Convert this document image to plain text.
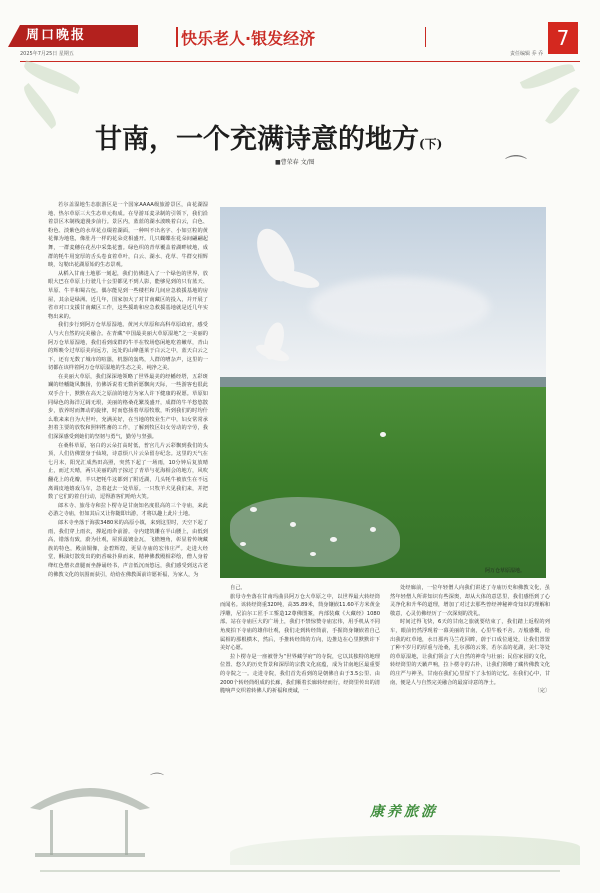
周口晚报
2025年7月25日 星期五
快乐老人·银发经济
责任编辑 乔 乔
7
⌒
⌒
甘南，一个充满诗意的地方(下)
■曹荣春 文/图

若尔盖湿地生态旅游区是一个国家AAAA级旅游景区，由花湖湿地、热尔草原三大生态单元构成。在导游耳麦录制的引领下，我们沿着景区木制栈道漫步前行。景区内，蓝蓝的湖水波映着白云，白色、粉色、淡紫色的水草花点缀着湖面，一种叫不出名字、小如豆粒的黄花像为地毯，像肚丹一样的花朵竞相盛开。几只蝴蝶在花朵间翩翩起舞，一群麦穗在花丛中采集花蜜。绿色织的青草覆盖着湖畔坡地，成群的牦牛用宽厚的舌头卷食着草叶，白云、湖水、花草、牛群交相辉映，勾勒出花湖原始的生态景观。

从稻入甘南土地那一刻起，我们仿佛进入了一个绿色的世界，放眼大巴在草原上行驶几十公里都见不到人影，能够见到的只有蓝天、草原、牛羊和蜀古包。偶尔能见到一些楼栏和几间应急救援基地的房屋，其余是绿洲。近几年，国家加大了对甘南藏区的投入，并开展了省市对口支援甘南藏区工作，这些援助和应急救援基地就是近几年实物出来的。

我们步行到阿万仓草原湿地。黄河大草原和高科草原政府，感受人与大自然的完美融合。在青藏“中国最美丽大草原湿地”之一美丽的阿万仓草原湿地，我们看到成群的牛羊在牧场悠闲地吃着嫩草，青山的辉映令过草原美向远方，远处的山峰蓬莱于白云之中，蓝天白云之下，还有无数了城市的喧嚣，机器的轰鸣，人群的嘈杂声，这里的一切都在该样着阿万仓草原湿地的生态之美、纯净之美。

在美丽大草原，我们深深地领略了世界最美的经幡经塔，五彩斑斓的经幡随风飘扬，仿佛诉说着无数祈愿飘向天际，一些游客也很此双手合十，默默在高天之原前的地方为家人许下健康的祝愿。草原如同绿色的海洋辽阔无垠，美丽的格桑花繁茂盛开，成群的牛羊悠悠散步，放养时而舞动的旋律，时而悠扬着草原牧歌，听到我们的时均什么歌来来自为大世叶，充满美好，在当地的牧业生产中，妇女常常承担着主要的放牧和照料牲畜的工作，了解到牧区妇女劳动的辛劳，我们深深感受到她们的坚韧与勇气，勤劳与坚强。

在桑科草原，宿白的云朵打高时低，普宫几片云彩飘到我们的头顶，人们仿佛置身于仙境，诗意烦八片云朵留存纪念。这里的天气在七月末，阳光汇成热田高照，突然下起了一场雨，10分钟后复放晴止，而过天晴，两只美丽的鸽子掠过了青草与花海相会的地方，风吹翻花上的花瓣，羊只把牦牛这都到了附近湖，几头牦牛被放生在不远离调皮地嬉戏马车，急着赶去一处草原。一只牧羊犬见我们来，并把数了它们的着自行动，逗得游客们哈哈大笑。

郎木寺、旅母寺和拉卜楞寺是甘南知名度很高的三个寺庙，来此必游之寺庙，但如其后又让你随即出游，才将以趣上此片土地。

郎木寺坐落于海拔3480米的高原小镇，来到这里时，天空下起了雨，我们穿上雨衣，撑起雨伞前游。寺内建筑雕在半山腰上，由低到高，错落有致，蔚为壮观，屋顶最镀金瓦，飞檐翘角，彰显着传统藏族的特色，殿前铜像，金碧辉煌，更显寺庙的宏伟庄严。走进大经堂，酥油灯散发出的奶香味扑鼻而来，精神佛教殿相彩绘，僧人身着绛红色僧衣盘腿而坐静诵经书，声音低沉而悠远，我们感受到这古老的佛教文化的氛围而获引，给给在佛教面前许愿祈福，为家人，为

阿万仓草原湿地。

自己。

旅母寺坐落在甘南玛曲县阿万仓大草原之中，以世界最大转经筒而闻名。该转经筒重320吨，高35.89米，筒身镶嵌11.60平方米黄金浮雕，尼泊尔工匠手工錾造12尊佛图案，内部装藏《大藏经》1080部。站在寺庙巨大的广场上，我们不禁惊赞寺庙宏伟，用手机从不同角度拍下寺庙的雄伟壮观，我们走到转经筒前，手握筒身镶嵌着自己属相的那根横木，然后，手推转经筒的方向，边推边在心里默默许下美好心愿。

拉卜楞寺是一座被誉为“世界藏学府”的寺院，它以其独特的地理位置、悠久的历史背景和深厚的宗教文化底蕴，成为甘南地区最重要的寺院之一。走进寺院，我们首先看到的是朝佛自由于3.5公里、由2000个转经筒组成的长廊，我们顺着长廊转经而行，经筒里传出的清脆响声交织着转佛人的祈福和虔诚，一

处经廊前，一位年轻僧人向我们讲述了寺庙历史和佛教文化，虽然年轻僧人所讲知识有些深奥，却从大体的意思里，我们感悟到了心灵净化和升华的道理，增加了对过去那些曾经神秘神奇知识的理解和敬意，心灵仿佛经历了一次深刻的洗礼。

时间过得飞快，6天的甘南之旅就要结束了，我们踏上返程的列车，眼前仍然浮现着一幕美丽的甘南，心里牛般不舍。万般感慨，给出我的红草地，水日那内马兰花回眸，蔚于口成位通处，让我们置置了种不岁月的厚重与沧桑，扎尔那的云雾，若尔盖的花湖，美仁等处的草原湿地，让我们领会了大自然的神奇与壮丽；民俗家园的文化，转经筒里的天籁声响，拉卜楞寺的古朴，让我们领略了藏传佛教文化的庄严与神圣，甘南在我们心里留下了永恒的记忆。在我们心中，甘南，便是人与自然完美融合的最富诗意的净土。

〔完〕

康养旅游
